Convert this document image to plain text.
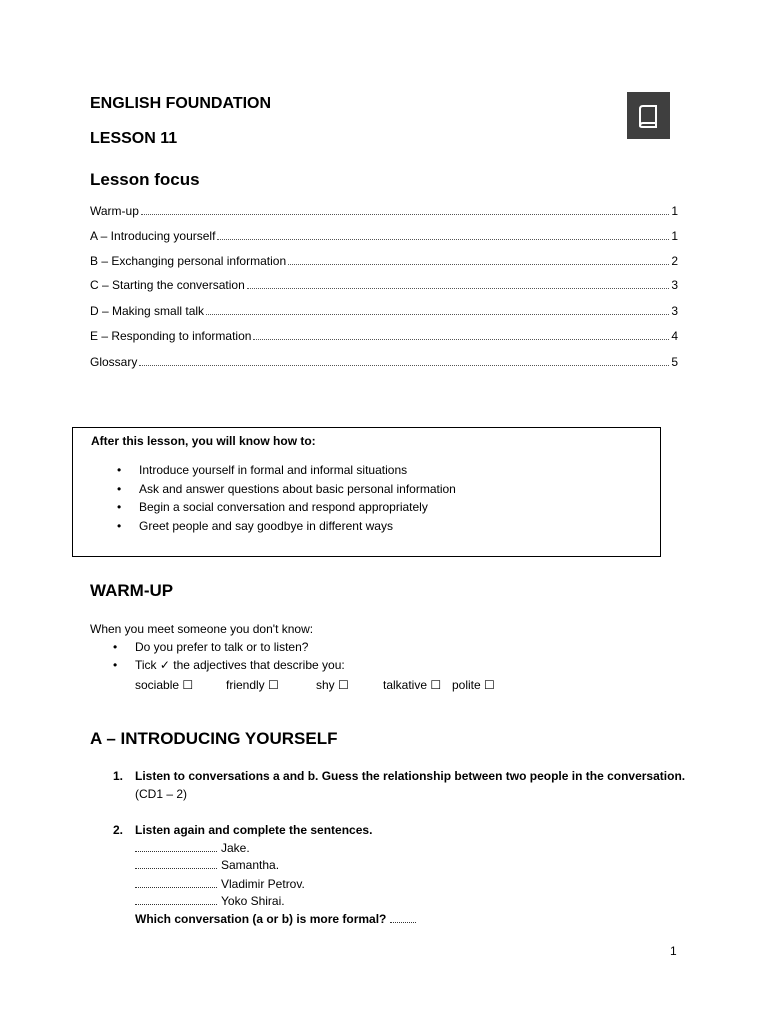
ENGLISH FOUNDATION
LESSON 11
Lesson focus
Warm-up	1
A – Introducing yourself	1
B – Exchanging personal information	2
C – Starting the conversation	3
D – Making small talk	3
E – Responding to information	4
Glossary	5
After this lesson, you will know how to:
• Introduce yourself in formal and informal situations
• Ask and answer questions about basic personal information
• Begin a social conversation and respond appropriately
• Greet people and say goodbye in different ways
WARM-UP
When you meet someone you don't know:
• Do you prefer to talk or to listen?
• Tick ✓ the adjectives that describe you:
sociable ☐	friendly ☐	shy ☐	talkative ☐ polite ☐
A – INTRODUCING YOURSELF
1. Listen to conversations a and b. Guess the relationship between two people in the conversation.
(CD1 – 2)
2. Listen again and complete the sentences.
Jake.
Samantha.
Vladimir Petrov.
Yoko Shirai.
Which conversation (a or b) is more formal?
1
